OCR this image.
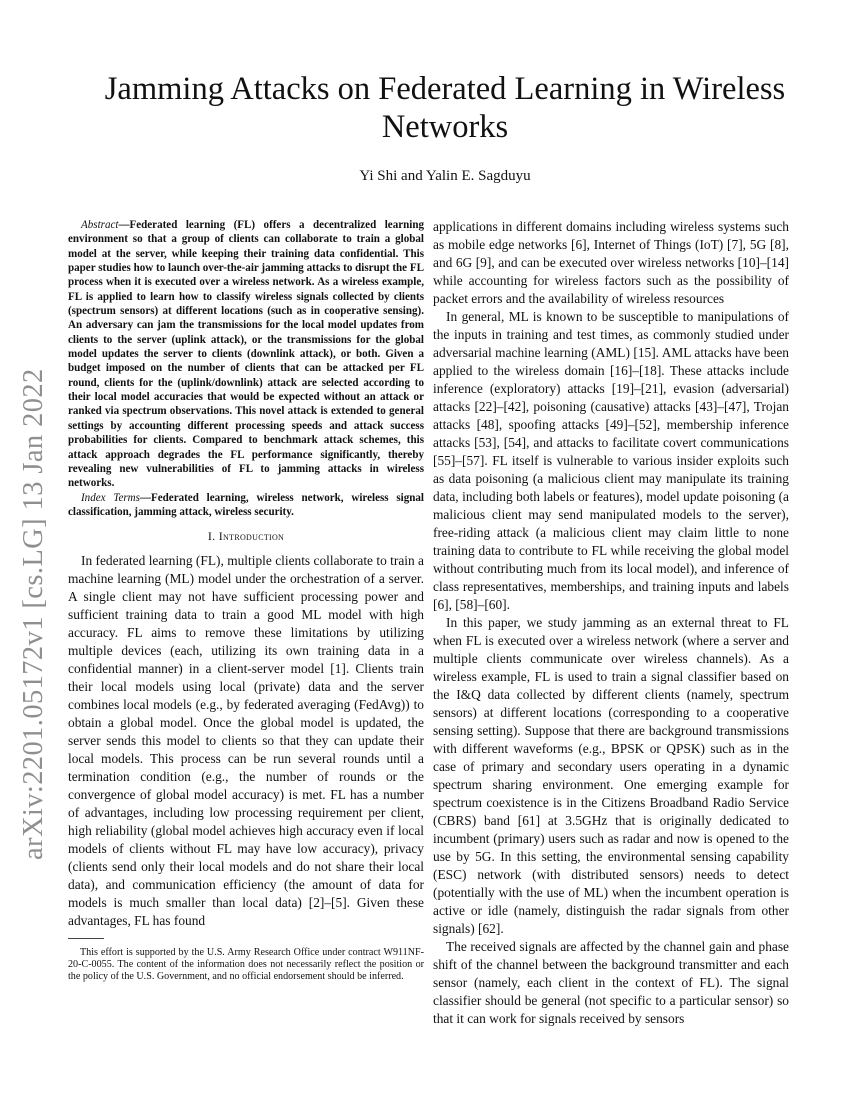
arXiv:2201.05172v1 [cs.LG] 13 Jan 2022
Jamming Attacks on Federated Learning in Wireless Networks

Yi Shi and Yalin E. Sagduyu

Abstract—Federated learning (FL) offers a decentralized learning environment so that a group of clients can collaborate to train a global model at the server, while keeping their training data confidential. This paper studies how to launch over-the-air jamming attacks to disrupt the FL process when it is executed over a wireless network. As a wireless example, FL is applied to learn how to classify wireless signals collected by clients (spectrum sensors) at different locations (such as in cooperative sensing). An adversary can jam the transmissions for the local model updates from clients to the server (uplink attack), or the transmissions for the global model updates the server to clients (downlink attack), or both. Given a budget imposed on the number of clients that can be attacked per FL round, clients for the (uplink/downlink) attack are selected according to their local model accuracies that would be expected without an attack or ranked via spectrum observations. This novel attack is extended to general settings by accounting different processing speeds and attack success probabilities for clients. Compared to benchmark attack schemes, this attack approach degrades the FL performance significantly, thereby revealing new vulnerabilities of FL to jamming attacks in wireless networks.

Index Terms—Federated learning, wireless network, wireless signal classification, jamming attack, wireless security.

I. Introduction

In federated learning (FL), multiple clients collaborate to train a machine learning (ML) model under the orchestration of a server. A single client may not have sufficient processing power and sufficient training data to train a good ML model with high accuracy. FL aims to remove these limitations by utilizing multiple devices (each, utilizing its own training data in a confidential manner) in a client-server model [1]. Clients train their local models using local (private) data and the server combines local models (e.g., by federated averaging (FedAvg)) to obtain a global model. Once the global model is updated, the server sends this model to clients so that they can update their local models. This process can be run several rounds until a termination condition (e.g., the number of rounds or the convergence of global model accuracy) is met. FL has a number of advantages, including low processing requirement per client, high reliability (global model achieves high accuracy even if local models of clients without FL may have low accuracy), privacy (clients send only their local models and do not share their local data), and communication efficiency (the amount of data for models is much smaller than local data) [2]–[5]. Given these advantages, FL has found

This effort is supported by the U.S. Army Research Office under contract W911NF-20-C-0055. The content of the information does not necessarily reflect the position or the policy of the U.S. Government, and no official endorsement should be inferred.

applications in different domains including wireless systems such as mobile edge networks [6], Internet of Things (IoT) [7], 5G [8], and 6G [9], and can be executed over wireless networks [10]–[14] while accounting for wireless factors such as the possibility of packet errors and the availability of wireless resources

In general, ML is known to be susceptible to manipulations of the inputs in training and test times, as commonly studied under adversarial machine learning (AML) [15]. AML attacks have been applied to the wireless domain [16]–[18]. These attacks include inference (exploratory) attacks [19]–[21], evasion (adversarial) attacks [22]–[42], poisoning (causative) attacks [43]–[47], Trojan attacks [48], spoofing attacks [49]–[52], membership inference attacks [53], [54], and attacks to facilitate covert communications [55]–[57]. FL itself is vulnerable to various insider exploits such as data poisoning (a malicious client may manipulate its training data, including both labels or features), model update poisoning (a malicious client may send manipulated models to the server), free-riding attack (a malicious client may claim little to none training data to contribute to FL while receiving the global model without contributing much from its local model), and inference of class representatives, memberships, and training inputs and labels [6], [58]–[60].

In this paper, we study jamming as an external threat to FL when FL is executed over a wireless network (where a server and multiple clients communicate over wireless channels). As a wireless example, FL is used to train a signal classifier based on the I&Q data collected by different clients (namely, spectrum sensors) at different locations (corresponding to a cooperative sensing setting). Suppose that there are background transmissions with different waveforms (e.g., BPSK or QPSK) such as in the case of primary and secondary users operating in a dynamic spectrum sharing environment. One emerging example for spectrum coexistence is in the Citizens Broadband Radio Service (CBRS) band [61] at 3.5GHz that is originally dedicated to incumbent (primary) users such as radar and now is opened to the use by 5G. In this setting, the environmental sensing capability (ESC) network (with distributed sensors) needs to detect (potentially with the use of ML) when the incumbent operation is active or idle (namely, distinguish the radar signals from other signals) [62].

The received signals are affected by the channel gain and phase shift of the channel between the background transmitter and each sensor (namely, each client in the context of FL). The signal classifier should be general (not specific to a particular sensor) so that it can work for signals received by sensors
